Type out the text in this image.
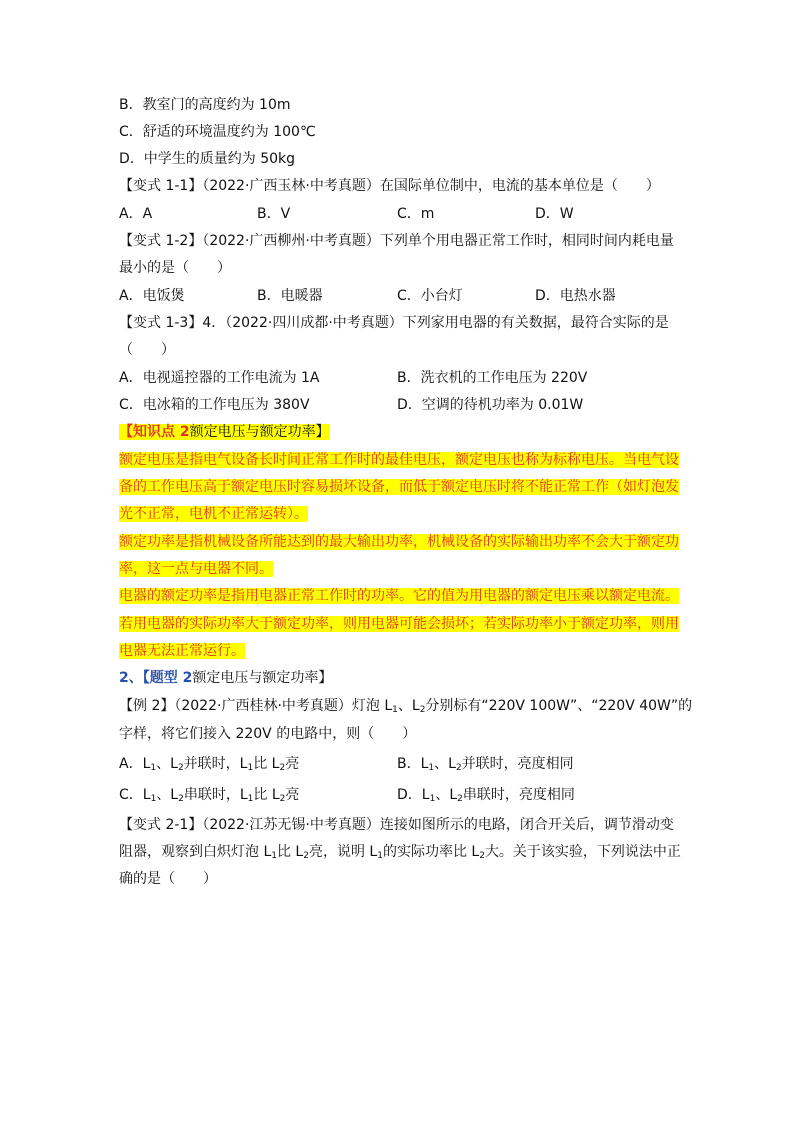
B．教室门的高度约为 10m
C．舒适的环境温度约为 100℃
D．中学生的质量约为 50kg
【变式 1-1】（2022·广西玉林·中考真题）在国际单位制中，电流的基本单位是（　　）
A．A	B．V	C．m	D．W
【变式 1-2】（2022·广西柳州·中考真题）下列单个用电器正常工作时，相同时间内耗电量
最小的是（　　）
A．电饭煲	B．电暖器	C．小台灯	D．电热水器
【变式 1-3】4．（2022·四川成都·中考真题）下列家用电器的有关数据，最符合实际的是
（　　）
A．电视遥控器的工作电流为 1A	B．洗衣机的工作电压为 220V
C．电冰箱的工作电压为 380V	D．空调的待机功率为 0.01W
【知识点 2额定电压与额定功率】
额定电压是指电气设备长时间正常工作时的最佳电压，额定电压也称为标称电压。当电气设
备的工作电压高于额定电压时容易损坏设备，而低于额定电压时将不能正常工作（如灯泡发
光不正常，电机不正常运转）。
额定功率是指机械设备所能达到的最大输出功率，机械设备的实际输出功率不会大于额定功
率，这一点与电器不同。
电器的额定功率是指用电器正常工作时的功率。它的值为用电器的额定电压乘以额定电流。
若用电器的实际功率大于额定功率，则用电器可能会损坏；若实际功率小于额定功率，则用
电器无法正常运行。
2、【题型 2额定电压与额定功率】
【例 2】（2022·广西桂林·中考真题）灯泡 $L_1$、$L_2$分别标有“220V 100W”、“220V 40W”的
字样，将它们接入 220V 的电路中，则（　　）
A．$L_1$、$L_2$并联时，$L_1$比 $L_2$亮	B．$L_1$、$L_2$并联时，亮度相同
C．$L_1$、$L_2$串联时，$L_1$比 $L_2$亮	D．$L_1$、$L_2$串联时，亮度相同
【变式 2-1】（2022·江苏无锡·中考真题）连接如图所示的电路，闭合开关后，调节滑动变
阻器，观察到白炽灯泡 $L_1$比 $L_2$亮，说明 $L_1$的实际功率比 $L_2$大。关于该实验，下列说法中正
确的是（　　）
